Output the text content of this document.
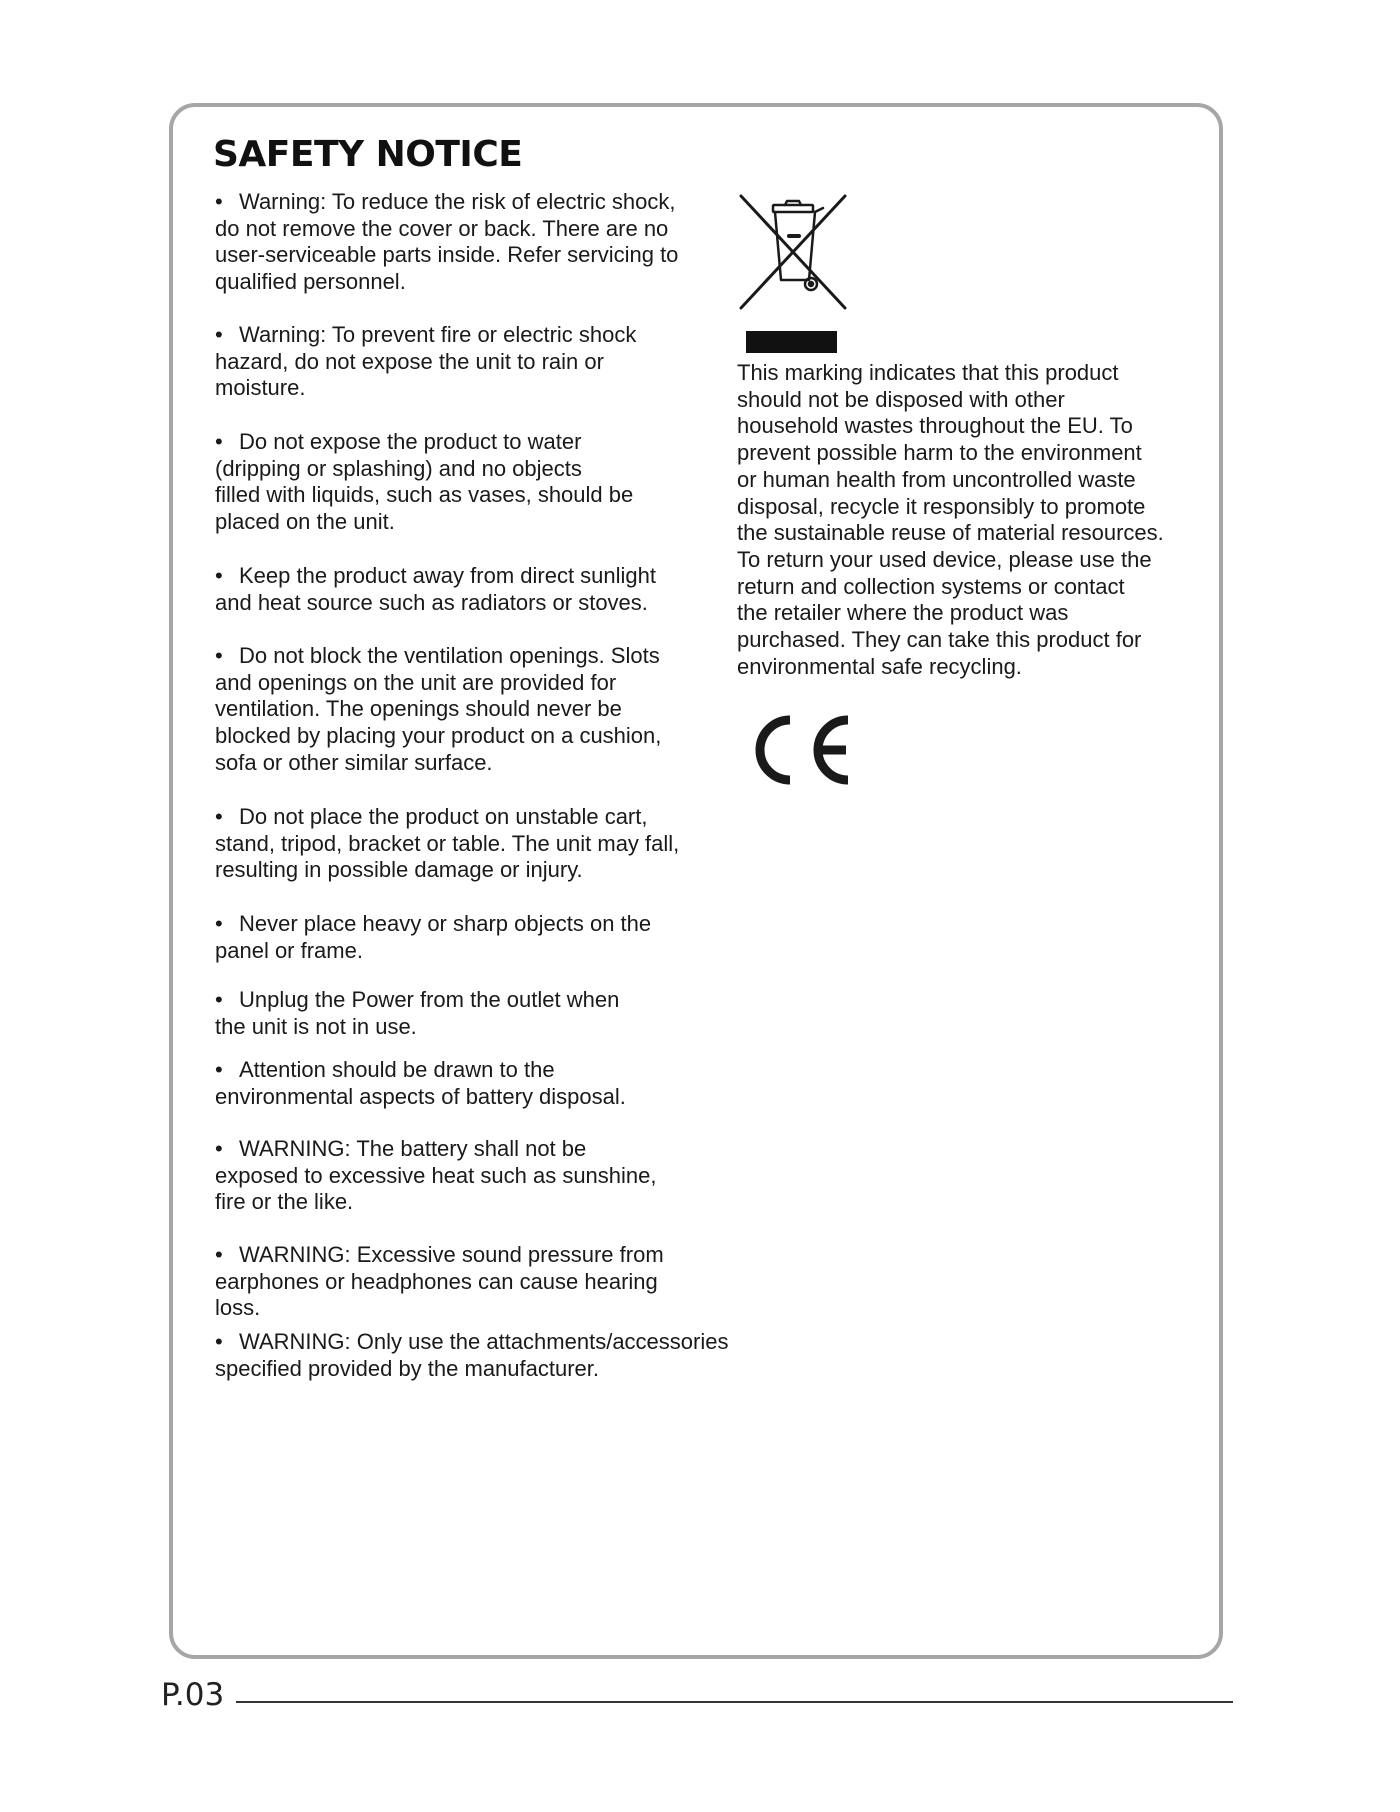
SAFETY NOTICE
• Warning: To reduce the risk of electric shock,
do not remove the cover or back. There are no
user-serviceable parts inside. Refer servicing to
qualified personnel.
• Warning: To prevent fire or electric shock
hazard, do not expose the unit to rain or
moisture.
• Do not expose the product to water
(dripping or splashing) and no objects
filled with liquids, such as vases, should be
placed on the unit.
• Keep the product away from direct sunlight
and heat source such as radiators or stoves.
• Do not block the ventilation openings. Slots
and openings on the unit are provided for
ventilation. The openings should never be
blocked by placing your product on a cushion,
sofa or other similar surface.
• Do not place the product on unstable cart,
stand, tripod, bracket or table. The unit may fall,
resulting in possible damage or injury.
• Never place heavy or sharp objects on the
panel or frame.
• Unplug the Power from the outlet when
the unit is not in use.
• Attention should be drawn to the
environmental aspects of battery disposal.
• WARNING: The battery shall not be
exposed to excessive heat such as sunshine,
fire or the like.
• WARNING: Excessive sound pressure from
earphones or headphones can cause hearing
loss.
• WARNING: Only use the attachments/accessories
specified provided by the manufacturer.
This marking indicates that this product
should not be disposed with other
household wastes throughout the EU. To
prevent possible harm to the environment
or human health from uncontrolled waste
disposal, recycle it responsibly to promote
the sustainable reuse of material resources.
To return your used device, please use the
return and collection systems or contact
the retailer where the product was
purchased. They can take this product for
environmental safe recycling.
P.03
